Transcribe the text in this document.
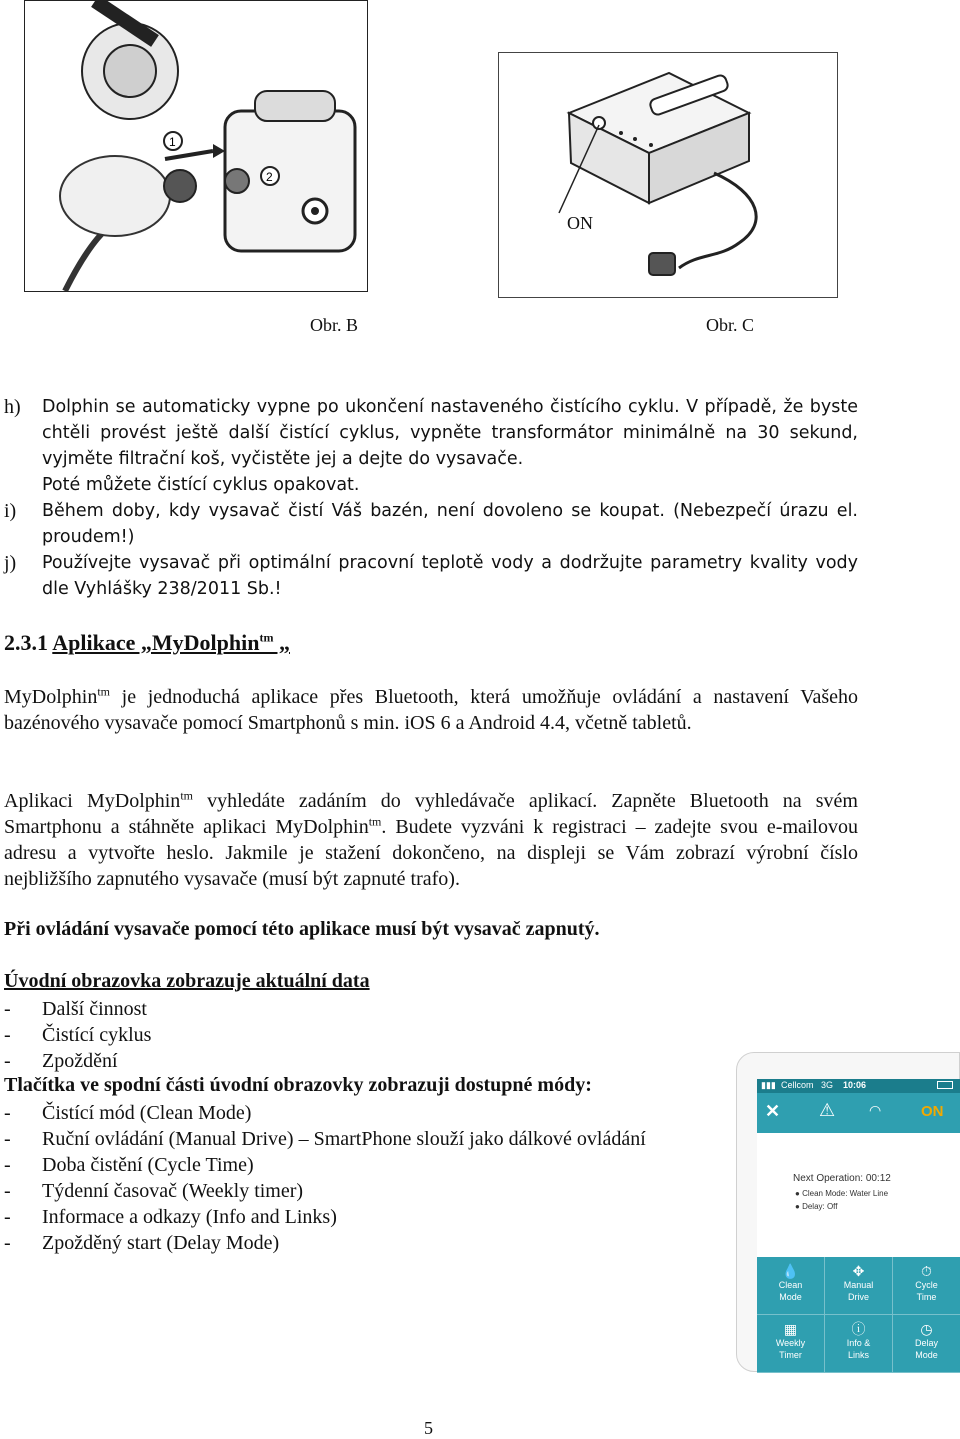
1
2
ON
Obr. B	Obr. C
h) Dolphin se automaticky vypne po ukončení nastaveného čistícího cyklu. V případě, že byste chtěli provést ještě další čistící cyklus, vypněte transformátor minimálně na 30 sekund, vyjměte filtrační koš, vyčistěte jej a dejte do vysavače.
Poté můžete čistící cyklus opakovat.
i) Během doby, kdy vysavač čistí Váš bazén, není dovoleno se koupat. (Nebezpečí úrazu el. proudem!)
j) Používejte vysavač při optimální pracovní teplotě vody a dodržujte parametry kvality vody dle Vyhlášky 238/2011 Sb.!
2.3.1 Aplikace „MyDolphin$^{tm}$ „
MyDolphin$^{tm}$ je jednoduchá aplikace přes Bluetooth, která umožňuje ovládání a nastavení Vašeho bazénového vysavače pomocí Smartphonů s min. iOS 6 a Android 4.4, včetně tabletů.
Aplikaci MyDolphin$^{tm}$ vyhledáte zadáním do vyhledávače aplikací. Zapněte Bluetooth na svém Smartphonu a stáhněte aplikaci MyDolphin$^{tm}$. Budete vyzváni k registraci – zadejte svou e-mailovou adresu a vytvořte heslo. Jakmile je stažení dokončeno, na displeji se Vám zobrazí výrobní číslo nejbližšího zapnutého vysavače (musí být zapnuté trafo).
Při ovládání vysavače pomocí této aplikace musí být vysavač zapnutý.
Úvodní obrazovka zobrazuje aktuální data
- Další činnost
- Čistící cyklus
- Zpoždění
Tlačítka ve spodní části úvodní obrazovky zobrazuji dostupné módy:
- Čistící mód (Clean Mode)
- Ruční ovládání (Manual Drive) – SmartPhone slouží jako dálkové ovládání
- Doba čistění (Cycle Time)
- Týdenní časovač (Weekly timer)
- Informace a odkazy (Info and Links)
- Zpožděný start (Delay Mode)
▮▮▮ Cellcom 3G 10:06
✕ ⚠ ◠	ON
Next Operation: 00:12
● Clean Mode: Water Line
● Delay: Off
💧
Clean
Mode
✥
Manual
Drive
⏱
Cycle
Time
▦
Weekly
Timer
ⓘ
Info &
Links
◷
Delay
Mode
5
